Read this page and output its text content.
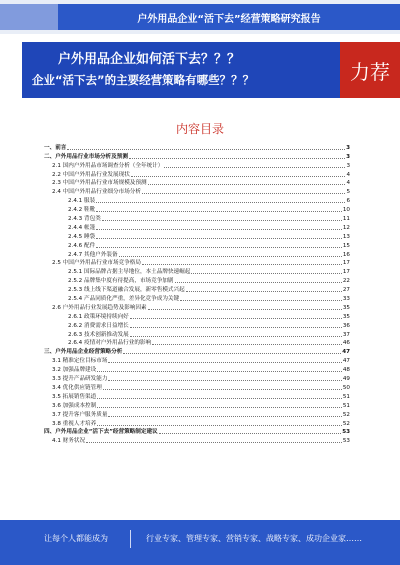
户外用品企业“活下去”经营策略研究报告
户外用品企业如何活下去？？？
企业“活下去”的主要经营策略有哪些？？？	力荐
内容目录
一、前言	3
二、户外用品行业市场分析及预测	3
2.1 国内户外用品市场调查分析（全年统计）	3
2.2 中国户外用品行业发展现状	4
2.3 中国户外用品行业市场规模及预测	4
2.4 中国户外用品行业细分市场分析	5
2.4.1 服装	6
2.4.2 鞋靴	10
2.4.3 背包类	11
2.4.4 帐篷	12
2.4.5 睡袋	13
2.4.6 配件	15
2.4.7 其他户外装备	16
2.5 中国户外用品行业市场竞争格局	17
2.5.1 国际品牌占据主导地位，本土品牌快速崛起	17
2.5.2 品牌集中度有待提高，市场竞争加剧	22
2.5.3 线上线下渠道融合发展，新零售模式兴起	27
2.5.4 产品同质化严重，差异化竞争成为关键	33
2.6 户外用品行业发展趋势及影响因素	35
2.6.1 政策环境持续向好	35
2.6.2 消费需求日益增长	36
2.6.3 技术创新推动发展	37
2.6.4 疫情对户外用品行业的影响	46
三、户外用品企业经营策略分析	47
3.1 精准定位目标市场	47
3.2 加强品牌建设	48
3.3 提升产品研发能力	49
3.4 优化供应链管理	50
3.5 拓展销售渠道	51
3.6 加强成本控制	51
3.7 提升客户服务质量	52
3.8 重视人才培养	52
四、户外用品企业“活下去”经营策略制定建议	53
4.1 财务状况	53
让每个人都能成为	行业专家、管理专家、营销专家、战略专家、成功企业家……
